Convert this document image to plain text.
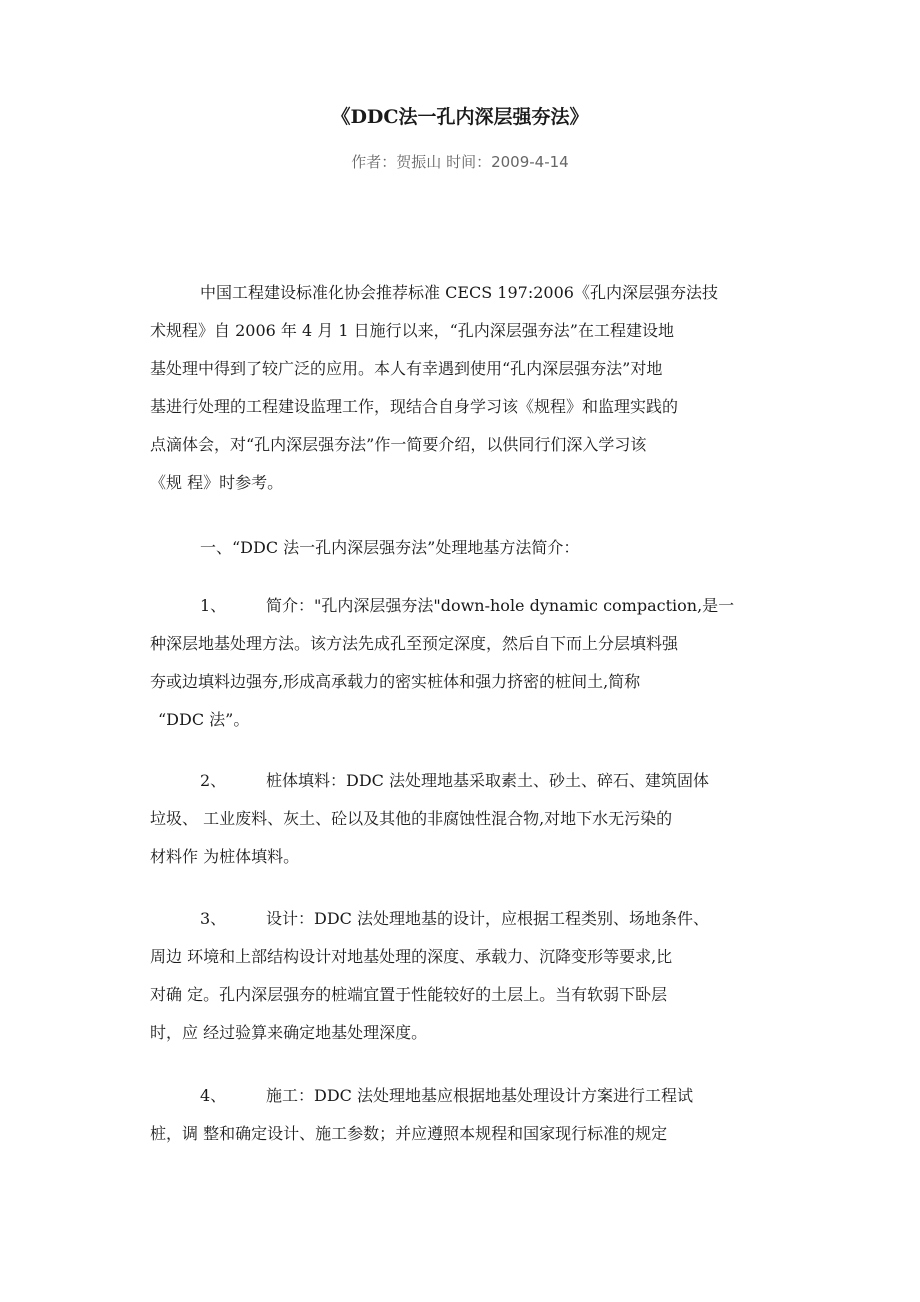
《DDC法一孔内深层强夯法》
作者：贺振山 时间：2009-4-14
中国工程建设标准化协会推荐标准 CECS 197:2006《孔内深层强夯法技
术规程》自 2006 年 4 月 1 日施行以来，“孔内深层强夯法”在工程建设地
基处理中得到了较广泛的应用。本人有幸遇到使用“孔内深层强夯法”对地
基进行处理的工程建设监理工作，现结合自身学习该《规程》和监理实践的
点滴体会，对“孔内深层强夯法”作一简要介绍，以供同行们深入学习该
《规 程》时参考。
一、“DDC 法一孔内深层强夯法”处理地基方法简介：
1、 简介："孔内深层强夯法"down-hole dynamic compaction,是一
种深层地基处理方法。该方法先成孔至预定深度，然后自下而上分层填料强
夯或边填料边强夯,形成高承载力的密实桩体和强力挤密的桩间土,简称
“DDC 法”。
2、 桩体填料：DDC 法处理地基采取素土、砂土、碎石、建筑固体
垃圾、 工业废料、灰土、砼以及其他的非腐蚀性混合物,对地下水无污染的
材料作 为桩体填料。
3、 设计：DDC 法处理地基的设计，应根据工程类别、场地条件、
周边 环境和上部结构设计对地基处理的深度、承载力、沉降变形等要求,比
对确 定。孔内深层强夯的桩端宜置于性能较好的土层上。当有软弱下卧层
时，应 经过验算来确定地基处理深度。
4、 施工：DDC 法处理地基应根据地基处理设计方案进行工程试
桩，调 整和确定设计、施工参数；并应遵照本规程和国家现行标准的规定
